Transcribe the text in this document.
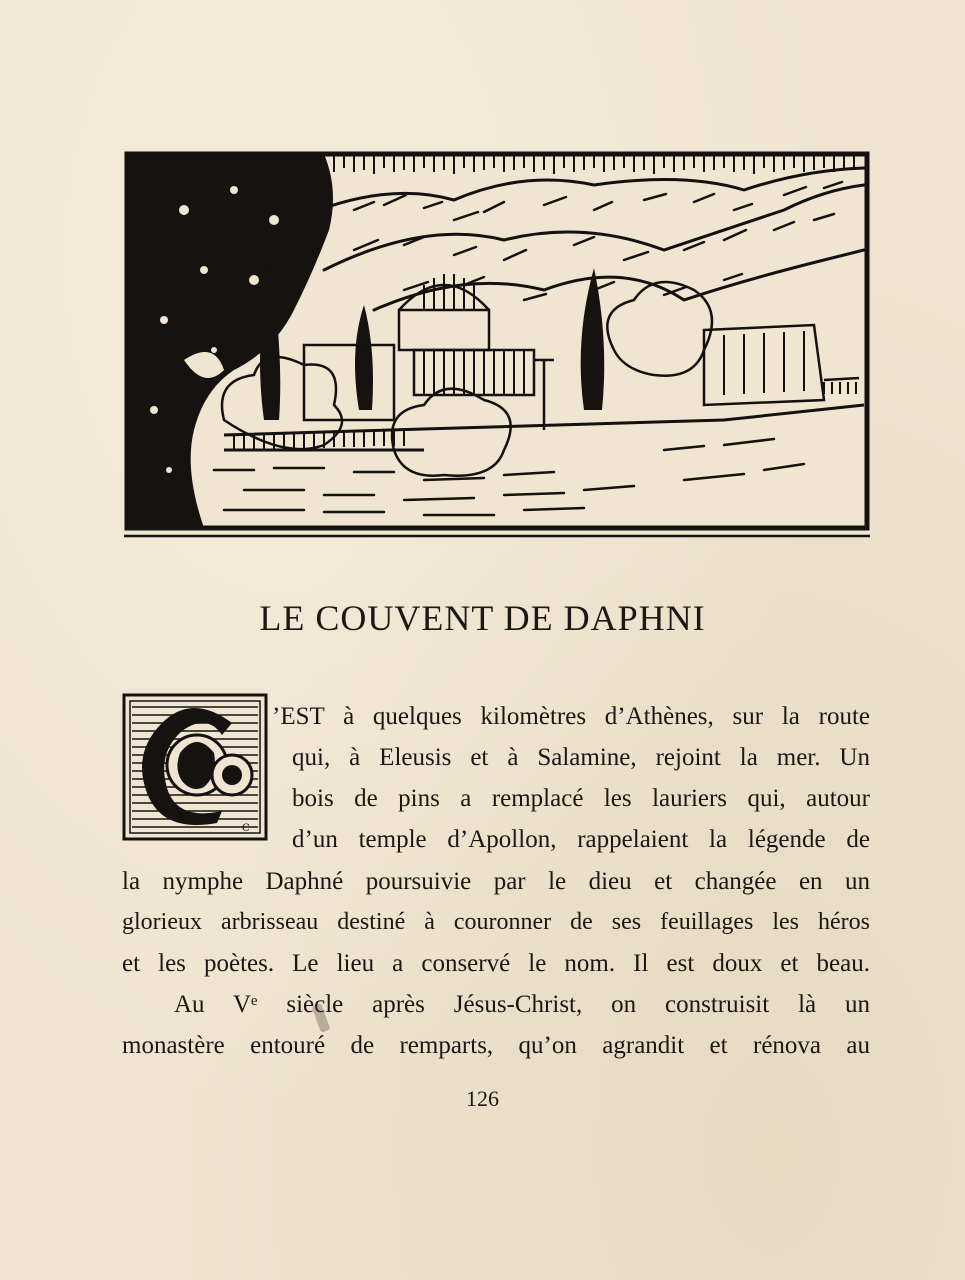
LE COUVENT DE DAPHNI
C
’EST à quelques kilomètres d’Athènes, sur la route
qui, à Eleusis et à Salamine, rejoint la mer. Un
bois de pins a remplacé les lauriers qui, autour
d’un temple d’Apollon, rappelaient la légende de
la nymphe Daphné poursuivie par le dieu et changée en un
glorieux arbrisseau destiné à couronner de ses feuillages les héros
et les poètes. Le lieu a conservé le nom. Il est doux et beau.
Au Vᵉ siècle après Jésus-Christ, on construisit là un
monastère entouré de remparts, qu’on agrandit et rénova au
126
